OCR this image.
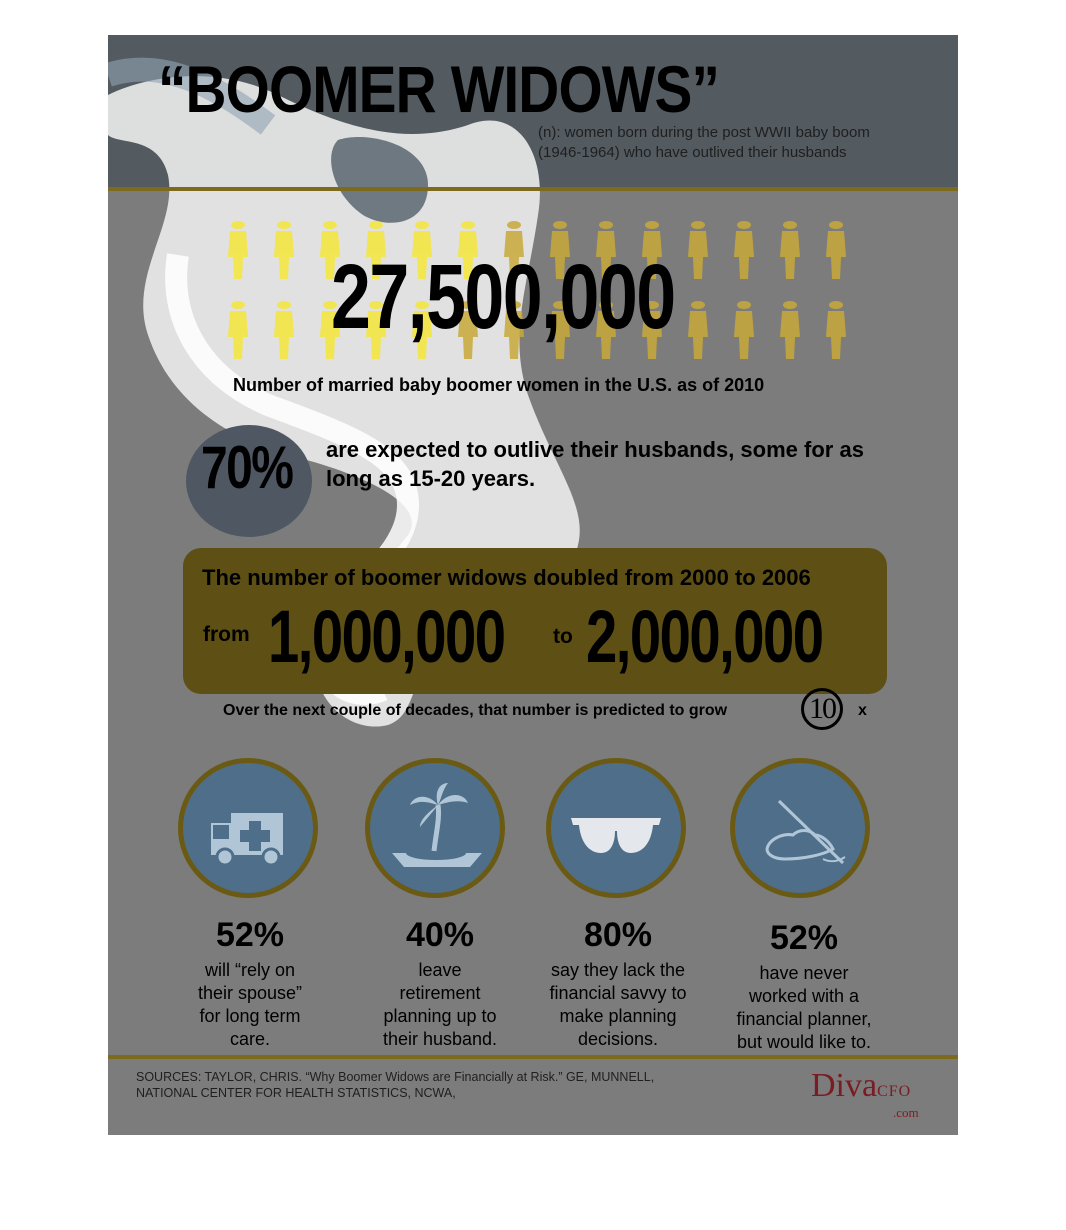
“BOOMER WIDOWS”
(n): women born during the post WWII baby boom
(1946-1964) who have outlived their husbands
27,500,000
Number of married baby boomer women in the U.S. as of 2010
70% are expected to outlive their husbands, some for as long as 15-20 years.
The number of boomer widows doubled from 2000 to 2006
from 1,000,000 to 2,000,000
Over the next couple of decades, that number is predicted to grow	10	x
52%
will “rely on
their spouse”
for long term
care.
40%
leave
retirement
planning up to
their husband.
80%
say they lack the
financial savvy to
make planning
decisions.
52%
have never
worked with a
financial planner,
but would like to.
SOURCES: TAYLOR, CHRIS. “Why Boomer Widows are Financially at Risk.” GE, MUNNELL,
NATIONAL CENTER FOR HEALTH STATISTICS, NCWA,	DivaCFO
.com
